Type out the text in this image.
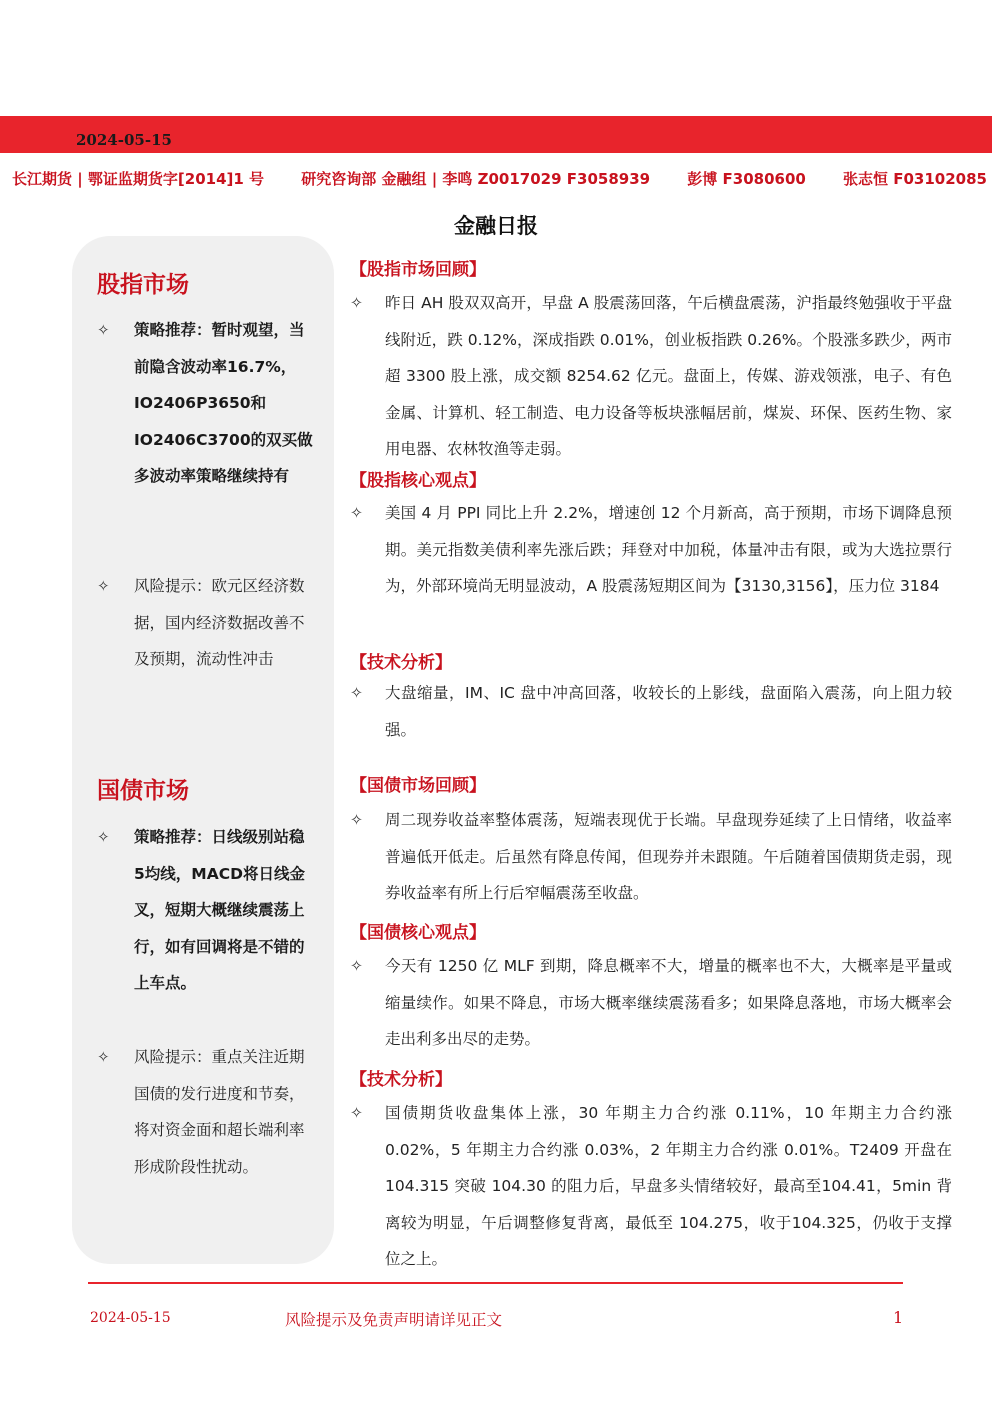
2024-05-15
长江期货 | 鄂证监期货字[2014]1 号 研究咨询部 金融组 | 李鸣 Z0017029 F3058939 彭博 F3080600 张志恒 F03102085
金融日报
股指市场
✧ 策略推荐：暂时观望，当前隐含波动率16.7%，IO2406P3650和IO2406C3700的双买做多波动率策略继续持有
✧ 风险提示：欧元区经济数据，国内经济数据改善不及预期，流动性冲击
国债市场
✧ 策略推荐：日线级别站稳5均线，MACD将日线金叉，短期大概继续震荡上行，如有回调将是不错的上车点。
✧ 风险提示：重点关注近期国债的发行进度和节奏，将对资金面和超长端利率形成阶段性扰动。
【股指市场回顾】
✧ 昨日 AH 股双双高开，早盘 A 股震荡回落，午后横盘震荡，沪指最终勉强收于平盘线附近，跌 0.12%，深成指跌 0.01%，创业板指跌 0.26%。个股涨多跌少，两市超 3300 股上涨，成交额 8254.62 亿元。盘面上，传媒、游戏领涨，电子、有色金属、计算机、轻工制造、电力设备等板块涨幅居前，煤炭、环保、医药生物、家用电器、农林牧渔等走弱。
【股指核心观点】
✧ 美国 4 月 PPI 同比上升 2.2%，增速创 12 个月新高，高于预期，市场下调降息预期。美元指数美债利率先涨后跌；拜登对中加税，体量冲击有限，或为大选拉票行为，外部环境尚无明显波动，A 股震荡短期区间为【3130,3156】，压力位 3184
【技术分析】
✧ 大盘缩量，IM、IC 盘中冲高回落，收较长的上影线，盘面陷入震荡，向上阻力较强。
【国债市场回顾】
✧ 周二现券收益率整体震荡，短端表现优于长端。早盘现券延续了上日情绪，收益率普遍低开低走。后虽然有降息传闻，但现券并未跟随。午后随着国债期货走弱，现券收益率有所上行后窄幅震荡至收盘。
【国债核心观点】
✧ 今天有 1250 亿 MLF 到期，降息概率不大，增量的概率也不大，大概率是平量或缩量续作。如果不降息，市场大概率继续震荡看多；如果降息落地，市场大概率会走出利多出尽的走势。
【技术分析】
✧ 国债期货收盘集体上涨，30 年期主力合约涨 0.11%，10 年期主力合约涨0.02%，5 年期主力合约涨 0.03%，2 年期主力合约涨 0.01%。T2409 开盘在 104.315 突破 104.30 的阻力后，早盘多头情绪较好，最高至104.41，5min 背离较为明显，午后调整修复背离，最低至 104.275，收于104.325，仍收于支撑位之上。
2024-05-15	风险提示及免责声明请详见正文	1
